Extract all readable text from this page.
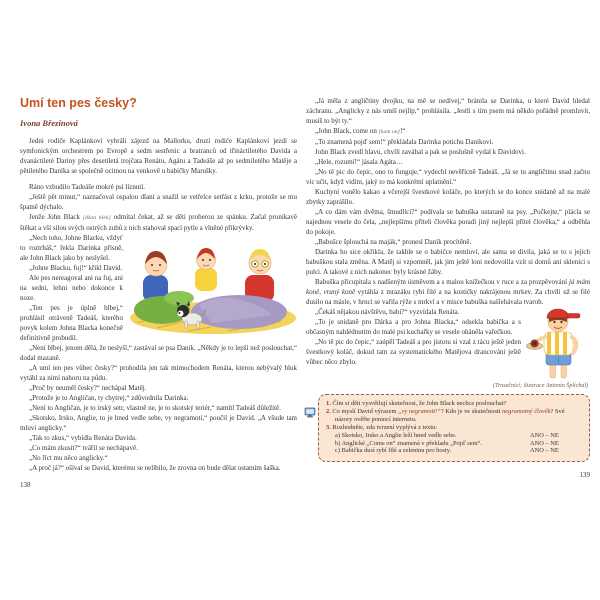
Umí ten pes česky?
Ivona Březinová

Jedni rodiče Kaplánkovi vyhráli zájezd na Mallorku, druzí rodiče Kaplánkovi jezdí se symfonickým orchestrem po Evropě a sedm sestřenic a bratranců od třináctiletého Davida a dvanáctileté Dariny přes desetiletá trojčata Renátu, Agátu a Tadeáše až po sedmiletého Matěje a pětiletého Daníka se společně ocitnou na venkově u babičky Marušky.

Ráno vzbudilo Tadeáše mokré psí líznutí.

„Ještě pět minut,“ naznačoval ospalou dlaní a snažil se vetřelce setřást z krku, protože se mu špatně dýchalo.

Jenže John Black [džon blek] odmítal čekat, až se děti proberou ze spánku. Začal pronikavě štěkat a vší silou svých ostrých zubů z nich stahoval spací pytle a vlněné přikrývky.

„Nech toho, Johne Blacku, vždyť to roztrháš,“ řekla Darinka přísně, ale John Black jako by neslyšel.

„Johne Blacku, fuj!“ křikl David.

Ale pes nereagoval ani na fuj, ani na sedni, lehni nebo dokonce k noze.

„Ten pes je úplně blbej,“ prohlásil otráveně Tadeáš, kterého povyk kolem Johna Blacka konečně definitivně probudil.

„Není blbej, jenom dělá, že neslyší,“ zastával se psa Daník. „Někdy je to lepší než poslouchat,“ dodal mazaně.

„A umí ten pes vůbec česky?“ prohodila jen tak mimochodem Renáta, kterou nebývalý hluk vytáhl za nimi nahoru na půdu.

„Proč by neuměl česky?“ nechápal Matěj.

„Protože je to Angličan, ty chytrej,“ zdůvodnila Darinka.

„Není to Angličan, je to irský setr, vlastně ne, je to skotský teriér,“ namítl Tadeáš důležitě.

„Skotsko, Irsko, Anglie, to je hned vedle sebe, vy negramoti,“ poučil je David. „A všude tam mluví anglicky.“

„Tak to zkus,“ vybídla Renáta Davida.

„Co mám zkusit?“ tvářil se nechápavě.

„No říct mu něco anglicky.“

„A proč já?“ ošíval se David, kterému se nelíbilo, že zrovna on bude dělat ostatním šaška.

138

„Já měla z angličtiny dvojku, na mě se nedívej,“ bránila se Darinka, u které David hledal záchranu. „Anglicky z nás umíš nejlíp,“ prohlásila. „Jestli s tím psem má někdo pořádně promluvit, musíš to být ty.“

„John Black, come on [kam on]!“

„To znamená pojď sem!“ překládala Darinka potichu Daníkovi.

John Black zvedl hlavu, chvíli zaváhal a pak se poslušně vydal k Davidovi.

„Hele, rozumí!“ jásala Agáta…

„No tě pic do čepic, ono to funguje,“ vydechl nevěřícně Tadeáš. „Já se tu angličtinu snad začnu víc učit, když vidím, jaký to má konkrétní uplatnění.“

Kuchyní vonělo kakao a včerejší švestkové koláče, po kterých se do konce snídaně až na malé zbytky zaprášilo.

„A co dám vám dvěma, šmudlíci?“ podívala se babuška ustaraně na psy. „Počkejte,“ plácla se najednou vesele do čela, „nejlepšímu příteli člověka poradí jiný nejlepší přítel člověka,“ a odběhla do pokoje.

„Babušce šplouchá na maják,“ pronesl Daník procítěně.

Darinka ho sice okřikla, že takhle se o babičce nemluví, ale sama se divila, jaká se to s jejich babuškou stala změna. A Matěj si vzpomněl, jak jim ještě loni nedovolila vzít si domů ani sklenici s pulci. A takové z nich nakonec byly krásné žáby.

Babuška přicupitala s nadšeným úsměvem a s malou knížečkou v ruce a za prozpěvování já mám koně, vraný koně vytáhla z mrazáku rybí filé a na kostičky nakrájenou mrkev. Za chvíli už se filé dusilo na másle, v hrnci se vařila rýže s mrkví a v misce babuška našlehávala tvaroh.

„Čekáš nějakou návštěvu, babi?“ vyzvídala Renáta.

„To je snídaně pro Dárka a pro Johna Blacka,“ odsekla babička a s občasným nahlédnutím do malé psí kuchařky se vesele oháněla vařečkou.

„No tě pic do čepic,“ zaúpěl Tadeáš a pro jistotu si vzal z tácu ještě jeden švestkový koláč, dokud tam za systematického Matějova drancování ještě vůbec něco zbylo.

(Trosečníci; ilustrace Antonín Šplíchal)
1. Čím si děti vysvětlují skutečnost, že John Black nechce poslouchat?
2. Co myslí David výrazem „vy negramoti!“? Kdo je ve skutečnosti negramotný člověk? Své názory ověřte pomocí internetu.
3. Rozhodněte, zda tvrzení vyplývá z textu:
a) Skotsko, Irsko a Anglie leží hned vedle sebe.	ANO – NE
b) Anglické „Come on“ znamená v překladu „Pojď sem“.	ANO – NE
c) Babička dusí rybí filé a zeleninu pro hosty.	ANO – NE
139
